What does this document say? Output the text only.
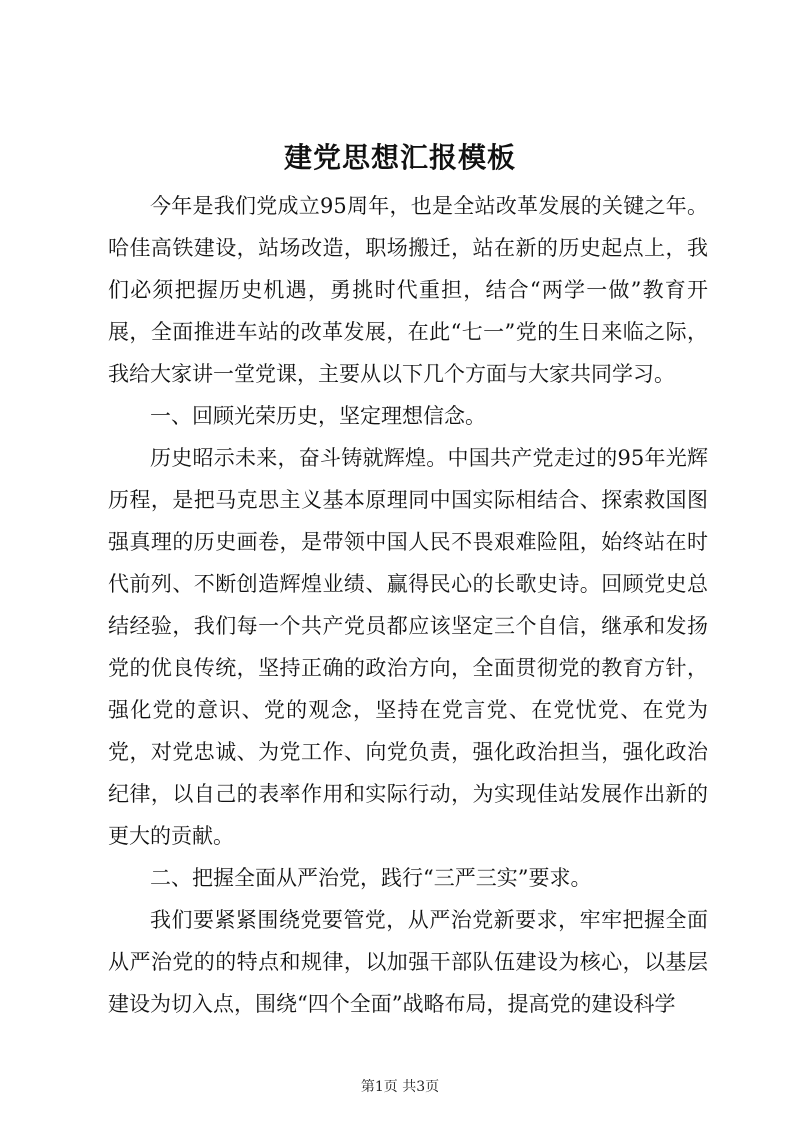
建党思想汇报模板

今年是我们党成立95周年，也是全站改革发展的关键之年。哈佳高铁建设，站场改造，职场搬迁，站在新的历史起点上，我们必须把握历史机遇，勇挑时代重担，结合“两学一做”教育开展，全面推进车站的改革发展，在此“七一”党的生日来临之际，我给大家讲一堂党课，主要从以下几个方面与大家共同学习。

一、回顾光荣历史，坚定理想信念。

历史昭示未来，奋斗铸就辉煌。中国共产党走过的95年光辉历程，是把马克思主义基本原理同中国实际相结合、探索救国图强真理的历史画卷，是带领中国人民不畏艰难险阻，始终站在时代前列、不断创造辉煌业绩、赢得民心的长歌史诗。回顾党史总结经验，我们每一个共产党员都应该坚定三个自信，继承和发扬党的优良传统，坚持正确的政治方向，全面贯彻党的教育方针，强化党的意识、党的观念，坚持在党言党、在党忧党、在党为党，对党忠诚、为党工作、向党负责，强化政治担当，强化政治纪律，以自己的表率作用和实际行动，为实现佳站发展作出新的更大的贡献。

二、把握全面从严治党，践行“三严三实”要求。

我们要紧紧围绕党要管党，从严治党新要求，牢牢把握全面从严治党的的特点和规律，以加强干部队伍建设为核心，以基层建设为切入点，围绕“四个全面”战略布局，提高党的建设科学

第1页 共3页
